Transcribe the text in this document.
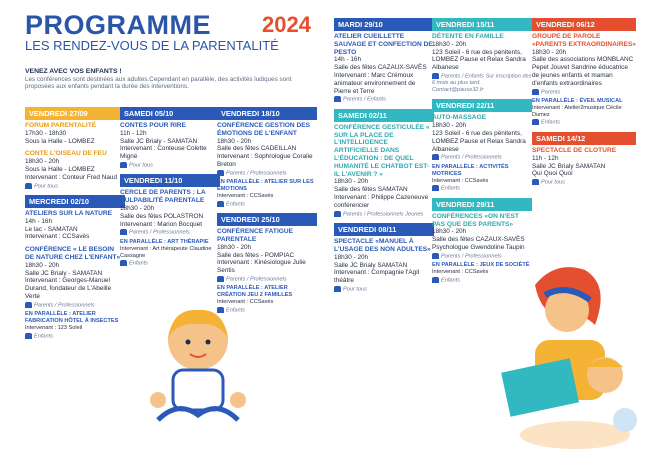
PROGRAMME 2024
LES RENDEZ-VOUS DE LA PARENTALITÉ
VENEZ AVEC VOS ENFANTS !
Les conférences sont destinées aux adultes.Cependant en parallèle, des activités ludiques sont proposées aux enfants pendant la durée des interventions.
VENDREDI 27/09
FORUM PARENTALITÉ
17h30 - 18h30
Sous la Halle - LOMBEZ
CONTE L'OISEAU DE FEU
18h30 - 20h
Sous la Halle - LOMBEZ
Intervenant : Conteur Fred Naud
Pour tous
MERCREDI 02/10
ATELIERS SUR LA NATURE
14h - 16h
Le lac - SAMATAN
Intervenant : CCSavès
CONFÉRENCE « LE BESOIN DE NATURE CHEZ L'ENFANT»
18h30 - 20h
Salle JC Brialy - SAMATAN
Intervenant : Georges-Manuel Durand, fondateur de L'Abeille Verte
Parents / Professionnels
EN PARALLÈLE : ATELIER FABRICATION HÔTEL À INSECTES
Intervenant : 123 Soleil
Enfants
SAMEDI 05/10
CONTES POUR RIRE
11h - 12h
Salle JC Brialy - SAMATAN
Intervenant : Conteuse Colette Migné
Pour tous
VENDREDI 11/10
CERCLE DE PARENTS : LA CULPABILITÉ PARENTALE
18h30 - 20h
Salle des fêtes POLASTRON
Intervenant : Marion Bocquet
Parents / Professionnels
EN PARALLÈLE : ART THÉRAPIE
Intervenant : Art thérapeute Claudine Cassagne
Enfants
VENDREDI 18/10
CONFÉRENCE GESTION DES ÉMOTIONS DE L'ENFANT
18h30 - 20h
Salle des fêtes CADEILLAN
Intervenant : Sophrologue Coralie Breton
Parents / Professionnels
EN PARALLÈLE : ATELIER SUR LES ÉMOTIONS
Intervenant : CCSavès
Enfants
VENDREDI 25/10
CONFÉRENCE FATIGUE PARENTALE
18h30 - 20h
Salle des fêtes - POMPIAC
Intervenant : Kinésiologue Julie Sentis
Parents / Professionnels
EN PARALLÈLE : ATELIER CRÉATION JEU 2 FAMILLES
Intervenant : CCSavès
Enfants
MARDI 29/10
ATELIER CUEILLETTE SAUVAGE ET CONFECTION DE PESTO
14h - 16h
Salle des fêtes CAZAUX-SAVÈS
Intervenant : Marc Crémoux animateur environnement de Pierre et Terre
Parents / Enfants
SAMEDI 02/11
CONFÉRENCE GESTICULÉE « SUR LA PLACE DE L'INTELLIGENCE ARTIFICIELLE DANS L'ÉDUCATION : DE QUEL HUMANITÉ LE CHATBOT EST-IL L'AVENIR ? »
18h30 - 20h
Salle des fêtes SAMATAN
Intervenant : Philippe Cazeneuve conférencier
Parents / Professionnels Jeunes
VENDREDI 08/11
SPECTACLE «MANUEL À L'USAGE DES NON ADULTES»
18h30 - 20h
Salle JC Brialy SAMATAN
Intervenant : Compagnie l'Agit théâtre
Pour tous
VENDREDI 15/11
DÉTENTE EN FAMILLE
18h30 - 20h
123 Soleil - 6 rue des pénitents, LOMBEZ Pause et Relax Sandra Albanese
Parents / Enfants Sur inscription des 6 mois au plus tard. Contact@pause32.fr
VENDREDI 22/11
AUTO-MASSAGE
18h30 - 20h
123 Soleil - 6 rue des pénitents, LOMBEZ Pause et Relax Sandra Albanese
Parents / Professionnels
EN PARALLÈLE : ACTIVITÉS MOTRICES
Intervenant : CCSavès
Enfants
VENDREDI 29/11
CONFÉRENCES «ON N'EST PAS QUE DES PARENTS»
18h30 - 20h
Salle des fêtes CAZAUX-SAVÈS
Psychologue Gwendoline Taupin
Parents / Professionnels
EN PARALLÈLE : JEUX DE SOCIÉTÉ
Intervenant : CCSavès
Enfants
VENDREDI 06/12
GROUPE DE PAROLE «PARENTS EXTRAORDINAIRES»
18h30 - 20h
Salle des associations MONBLANC
Pepet Jouvet Sandrine éducatrice de jeunes enfants et maman d'enfants extraordinaires
Parents
EN PARALLÈLE : ÉVEIL MUSICAL
Intervenant : Atelier2musique Cécile Dumez
Enfants
SAMEDI 14/12
SPECTACLE DE CLOTURE
11h - 12h
Salle JC Brialy SAMATAN
Qui Quoi Quoi
Pour tous
